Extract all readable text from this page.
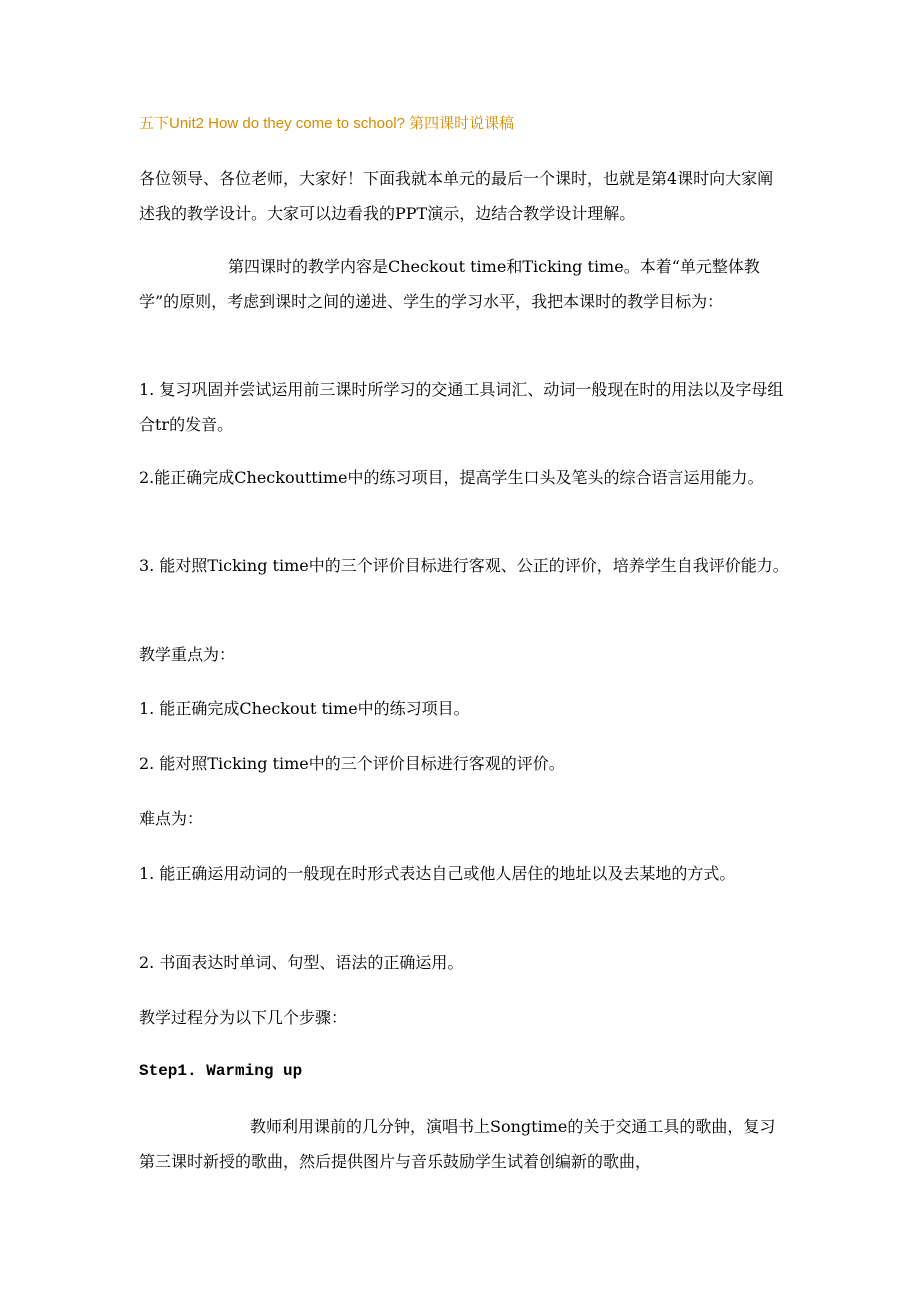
五下Unit2 How do they come to school? 第四课时说课稿

各位领导、各位老师，大家好！下面我就本单元的最后一个课时，也就是第4课时向大家阐述我的教学设计。大家可以边看我的PPT演示，边结合教学设计理解。

第四课时的教学内容是Checkout time和Ticking time。本着“单元整体教学”的原则，考虑到课时之间的递进、学生的学习水平，我把本课时的教学目标为：

1. 复习巩固并尝试运用前三课时所学习的交通工具词汇、动词一般现在时的用法以及字母组合tr的发音。

2.能正确完成Checkouttime中的练习项目，提高学生口头及笔头的综合语言运用能力。

3. 能对照Ticking time中的三个评价目标进行客观、公正的评价，培养学生自我评价能力。

教学重点为：

1. 能正确完成Checkout time中的练习项目。

2. 能对照Ticking time中的三个评价目标进行客观的评价。

难点为：

1. 能正确运用动词的一般现在时形式表达自己或他人居住的地址以及去某地的方式。

2. 书面表达时单词、句型、语法的正确运用。

教学过程分为以下几个步骤：

Step1. Warming up

教师利用课前的几分钟，演唱书上Songtime的关于交通工具的歌曲，复习第三课时新授的歌曲，然后提供图片与音乐鼓励学生试着创编新的歌曲，
